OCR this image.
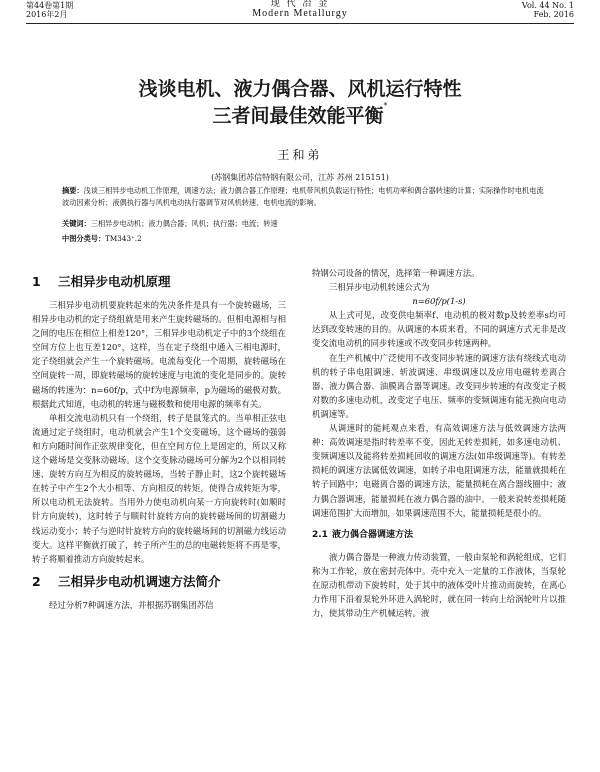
第44卷第1期
2016年2月
现 代 冶 金
Modern Metallurgy
Vol. 44 No. 1
Feb. 2016
浅谈电机、液力偶合器、风机运行特性
三者间最佳效能平衡*
王和弟
(苏钢集团苏信特钢有限公司，江苏 苏州 215151)
摘要：浅谈三相异步电动机工作原理，调速方法；液力偶合器工作原理；电机带风机负载运行特性；电机功率和偶合器转速的计算；实际操作时电机电流波动因素分析；液偶执行器与风机电动执行器调节对风机转速、电机电流的影响。
关键词：三相异步电动机；液力偶合器；风机；执行器；电流；转速
中图分类号：TM343⁺.2
1 三相异步电动机原理

三相异步电动机要旋转起来的先决条件是具有一个旋转磁场，三相异步电动机的定子绕组就是用来产生旋转磁场的。但相电源相与相之间的电压在相位上相差120°，三相异步电动机定子中的3个绕组在空间方位上也互差120°，这样，当在定子绕组中通入三相电源时，定子绕组就会产生一个旋转磁场。电流每变化一个周期，旋转磁场在空间旋转一周，即旋转磁场的旋转速度与电流的变化是同步的。旋转磁场的转速为：n=60f/p，式中f为电源频率，p为磁场的磁极对数。根据此式知道，电动机的转速与磁极数和使用电源的频率有关。

单相交流电动机只有一个绕组，转子是鼠笼式的。当单相正弦电流通过定子绕组时，电动机就会产生1个交变磁场，这个磁场的强弱和方向随时间作正弦规律变化，但在空间方位上是固定的，所以又称这个磁场是交变脉动磁场。这个交变脉动磁场可分解为2个以相同转速、旋转方向互为相反的旋转磁场，当转子静止时，这2个旋转磁场在转子中产生2个大小相等、方向相反的转矩，使得合成转矩为零，所以电动机无法旋转。当用外力使电动机向某一方向旋转时(如顺时针方向旋转)，这时转子与顺时针旋转方向的旋转磁场间的切割磁力线运动变小；转子与逆时针旋转方向的旋转磁场间的切割磁力线运动变大。这样平衡就打破了，转子所产生的总的电磁转矩将不再是零，转子将顺着推动方向旋转起来。

2 三相异步电动机调速方法简介

经过分析7种调速方法，并根据苏钢集团苏信

特钢公司设备的情况，选择第一种调速方法。

三相异步电动机转速公式为

n=60f/p(1-s)

从上式可见，改变供电频率f、电动机的极对数p及转差率s均可达到改变转速的目的。从调速的本质来看，不同的调速方式无非是改变交流电动机的同步转速或不改变同步转速两种。

在生产机械中广泛使用不改变同步转速的调速方法有绕线式电动机的转子串电阻调速、斩波调速、串级调速以及应用电磁转差离合器、液力偶合器、油膜离合器等调速。改变同步转速的有改变定子极对数的多速电动机，改变定子电压、频率的变频调速有能无换向电动机调速等。

从调速时的能耗观点来看，有高效调速方法与低效调速方法两种：高效调速是指时转差率不变，因此无转差损耗，如多速电动机、变频调速以及能将转差损耗回收的调速方法(如串级调速等)。有转差损耗的调速方法属低效调速，如转子串电阻调速方法，能量就损耗在转子回路中；电磁离合器的调速方法，能量损耗在离合器线圈中；液力偶合器调速，能量损耗在液力偶合器的油中。一般来说转差损耗随调速范围扩大而增加，如果调速范围不大，能量损耗是很小的。

2.1 液力偶合器调速方法

液力偶合器是一种液力传动装置，一般由泵轮和涡轮组成，它们称为工作轮，放在密封壳体中。壳中充入一定量的工作液体，当泵轮在原动机带动下旋转时，处于其中的液体受叶片推动而旋转，在离心力作用下沿着泵轮外环进入涡轮时，就在同一转向上给涡轮叶片以推力，使其带动生产机械运转。液
